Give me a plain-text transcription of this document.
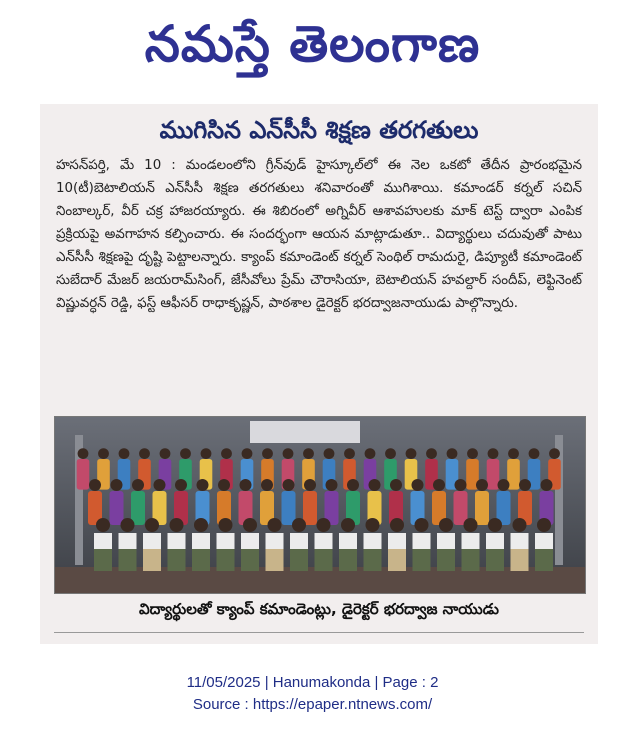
నమస్తే తెలంగాణ
ముగిసిన ఎన్‌సీసీ శిక్షణ తరగతులు
హసన్‌పర్తి, మే 10 : మండలంలోని గ్రీన్‌వుడ్ హైస్కూల్‌లో ఈ నెల ఒకటో తేదీన ప్రారంభమైన 10(టీ)బెటాలియన్ ఎన్‌సీసీ శిక్షణ తరగతులు శనివారంతో ముగిశాయి. కమాండర్ కర్నల్ సచిన్ నింబాల్కర్, వీర్ చక్ర హాజరయ్యారు. ఈ శిబిరంలో అగ్నివీర్ ఆశావహులకు మాక్ టెస్ట్ ద్వారా ఎంపిక ప్రక్రియపై అవగాహన కల్పించారు. ఈ సందర్భంగా ఆయన మాట్లాడుతూ.. విద్యార్థులు చదువుతో పాటు ఎన్‌సీసీ శిక్షణపై దృష్టి పెట్టాలన్నారు. క్యాంప్ కమాండెంట్ కర్నల్ సెంథిల్ రామదురై, డిప్యూటీ కమాండెంట్ సుబేదార్ మేజర్ జయరామ్‌సింగ్, జేసీవోలు ప్రేమ్ చౌరాసియా, బెటాలియన్ హవల్దార్ సందీప్, లెఫ్టినెంట్ విష్ణువర్ధన్ రెడ్డి, ఫస్ట్ ఆఫీసర్ రాధాకృష్ణన్, పాఠశాల డైరెక్టర్ భరద్వాజనాయుడు పాల్గొన్నారు.
విద్యార్థులతో క్యాంప్ కమాండెంట్లు, డైరెక్టర్ భరద్వాజ నాయుడు
11/05/2025 | Hanumakonda | Page : 2
Source : https://epaper.ntnews.com/
